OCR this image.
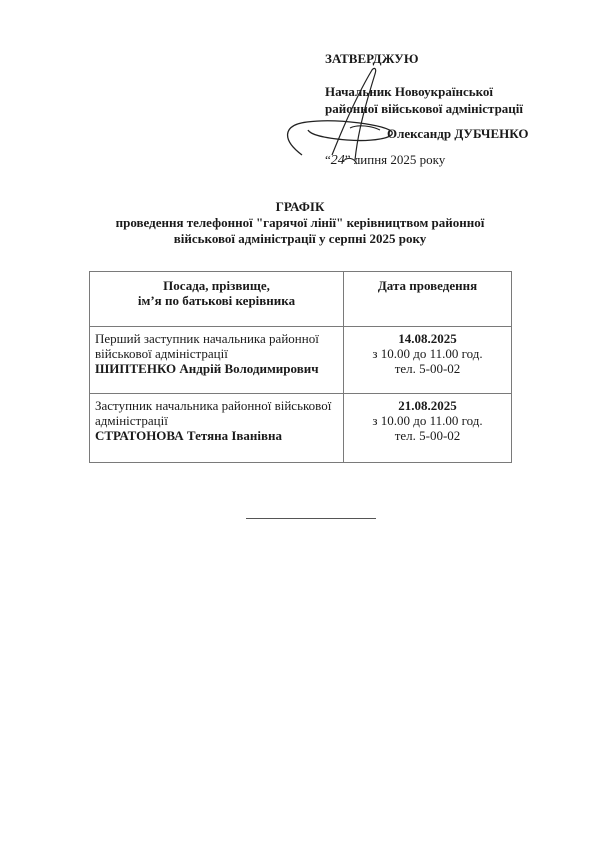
ЗАТВЕРДЖУЮ
Начальник Новоукраїнської
районної військової адміністрації
Олександр ДУБЧЕНКО
“24” липня 2025 року
ГРАФІК
проведення телефонної "гарячої лінії" керівництвом районної
військової адміністрації у серпні 2025 року
Посада, прізвище,
ім’я по батькові керівника	Дата проведення

Перший заступник начальника районної військової адміністрації
ШИПТЕНКО Андрій Володимирович	14.08.2025
з 10.00 до 11.00 год.
тел. 5-00-02

Заступник начальника районної військової адміністрації
СТРАТОНОВА Тетяна Іванівна	21.08.2025
з 10.00 до 11.00 год.
тел. 5-00-02
